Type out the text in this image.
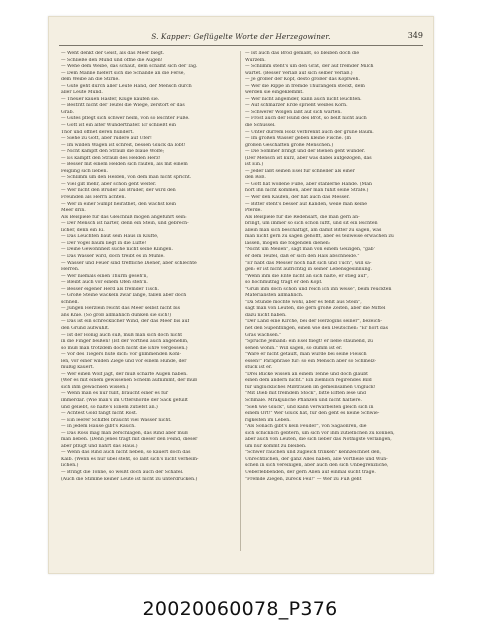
S. Kapper: Geflügelte Worte der Herzegowiner.	349
— Weht denkt der Geist, als das Meer biegt.
— Schließe den Mund und öffne die Augen!
— Wehe dem Weibe, das schaut, dem schämt sich der Tag.
— Dem Manne hiefert sich die Schande an die Ferse,
dem Weibe an die Stirne.
— Gute geht durch aller Leute Hand, der Mensch durch
aller Leute Mund.
— Theuer kauen Häsfer, Kluge kaufen sie.
— Bestritt nicht der Teufel die Wiege, zerstört er das
Grab.
— Gutes pflegt sich schwer heim, von so leichter Füße.
— Gott ist ein alter Wunderthäter. Er schließt ein
Thor und öffnet deren hundert.
— Siehe zu Gott, aber rudere auf Ufer!
— Im wilden Wagen ist schreit, bessen Glück da lobt!
— Nicht kämpft den Strauß die blaue Wolfe;
— Es kämpft den Strauß des Helden Herz!
— Besser mit einem Helden sich raufen, als mit einem
Feigling sich lieben.
— Schlimm um den Helden, von dem man nicht spricht.
— Viel gilt mehr, aber schön geht weiter.
— Wer nicht den Bruder als Bruder, der wird den
Freunden als Herrn achten.
— Wer in einer Sumpf heirathet, den wächst kein
Meer drin.
Als Beispiele für das Gleichniß mögen angeführt sein:
— Der Mensch ist härter, denn ein Stein, und gebrech-
licher, denn ein Ei.
— Das Leuchten baut sein Haus in Klüfte,
— Der Vögel baum liegt in die Lüfte!
— Deine Gewohnheit suche nicht seine Klingen.
— Das Wasser wird, doch treibt es in Mühle.
— Wasser und Feuer sind treffliche Diener, aber schlechte
Herren.
— Wer niemals einen Thurm geseh'n,
— Bleibt auch vor einem Ofen steh'n.
— Besser eigener Herd als fremder Tisch.
— Große Steine wackeln zwar lange, fallen aber doch
schnell.
— Jungen Herzlein reicht das Meer selbst nicht bis
ans Knie. (So groß allmählich dünken sie sich!)
— Das ist ein schrecklicher Wind, der das Meer bis auf
den Grund aufwühlt.
— Ist der Honig auch süß, muß man sich doch nicht
in die Finger beißen! (Ist der Vortheil auch angenehm,
so muß man trotzdem doch nicht die Ehre vergessen.)
— Vor des Tiegers hüte dich: vor glimmenden Kohl-
len, vor einer wilden Ziege und vor einem Hunde, der
müßig kauert.
— Wer einen Wolf jagt, der muß scharfe Augen haben.
(Wer es mit einem gewissenen Schelm aufnimmt, der muß
sich ihm gewachsen wissen.)
— Wenn man es nur füllt, braucht einer es für
immerdar. (Wie man's im Uttershorde der Sack gefüllt
und geliebt, so halte's Einem zutiefst an.)
— Achtest Gold fängt nicht Rost.
— Ein leerer Schiffel braucht viel Wasser nicht.
— In jedem Hause gibt's Rauch.
— Das Ross mag man zerschlagen, das Rind aber muß
man lieben. (Denn jenes trägt mit dieser den Feind, dieser
aber pflügt und nährt das Haus.)
— Wenn das Rind auch nicht neben, so kauert doch das
Kalb. (Wenn es nur übel steht, so läßt sich's nicht verheim-
lichen.)
— Bringt die Tonne, so weißt doch auch der Schäfel.
(Auch die Stimme keiner Leute ist nicht zu unterdrücken.)
— Ist auch das Brod gemäßt, so bleiben doch die
Wurzeln.
— Schlimm steht's um den Grat, der auf fremder Milch
wartet. (Besser Verlaß auf sich selber Verlaß.)
— Je größer der Kopf, desto größer das Kopfweh.
— Wer die Rippe in fremde Thürangeln steckt, dem
werden sie eingeklemmt.
— Wer nicht angelnder, kann auch nicht leuchten.
— Auf schmarzer Erde sprießt weißes Korn.
— Schwerer Wolgen läßt auf sich warten.
— Fröst auch der Hund des Brot, so bellt nicht auch
die Schüssel.
— Unter dürrem Holz verbrennt auch der grüne Baum.
— Im großen Wasser geben kleine Fische. (In
großen Geschäften große Menschen.)
— Die Sommer bringt und der Bienen geht wunder.
(Der Mensch ist kurz, aber was dabei aufgezogen, das
ist Ein.)
— Jeder läßt seinen Esel für schneller als einer
den Roß.
— Gott hat wollene Füße, aber stählerne Hände. (Man
hört ihn nicht kommen, aber man fühlt seine Strafe.)
— Wer den Kaufen, der hat auch das Messer.
— Bitter steht's besser auf Kanden, weile man keine
Pferde.
Als Beispiele für die Redensart, die man gern an-
bringt, um immer so sich schon lüftt, und sit ein leichten
allein man sich beschäftigt, am damit Bitter zu sagen, was
man nicht gern zu sagen gehofft, aber es teilweise erwachen zu
lassen, mögen die folgenden dienen:
"Nicht um Meilen", sagt man von einem Geizigen, "gäb'
er dem Teufel, daß er sich den Hals abschneide."
"Er habt das Messer noch hält sich und Tuch", will sa-
gen: er ist nicht aufrichtig in seiner Lebensgesinnung.
"Wenn ihm die Ente nicht an sich halte, er stieg auf",
so hochmüthig trägt er den Kopf.
"Grüß ihm doch schön und reich ich ihn weise", beim reuckten
Materialisten allmählich.
"Da Stunde möchte wohl, aber es fehlt aus Stein",
sagt man von Leuten, die gern große Zeiten, aber die Mittel
dazu nicht haben.
"Der Land eine Kirche, bei der Herzogins seiner", bezeich-
net den Supenflingen, einen wie den Deutschen: "Er hört das
Gras wachsen."
"Sprüche Jemand: ein Esel fliegt! er ließe staunend, zu
sehen wohin." Will sagen, so dumm ist er.
"Wäre er nicht getauft, man würde bei seine Fleisch
essen!" Paraphrase für: so ein Mensch aber so Schmelz-
stück ist er.
"Drei Blicke wissen an einem Tenne und doch glaubt
einen dem andern nicht." Ein ziemlich regirendes Bild
für unglückliches Mißtrauen im gemeinsamen Unglück!
"Mit Dieb mit fremdem Stock", bitte Elften lese und
Schmale. Mrakjuliche Pflanzen und nicht haltiere.
"Sieh wie Glück", und kann verwarbeiten gleich sich in
einem Ort!" Wer Glück hat, für den geht es keine Schwie-
rigkeiten im Leben.
"Als Sonach gibt's kein Feuder", von Sagaonren, die
sich schicklich gebtern, um sich vor ihm zutieflichen zu können,
aber auch von Leuten, die sich lieber das Nöthigste verlangen,
um nur kommt zu bleiben.
"Schwer rauchen und zugleich trinken" kennzeichnet den,
Unrechtlichen, der ganz Alles haben, alle Vortheile und Wün-
schen in sich vereinigen, aber auch den sich Unbegrenzliche,
Ueberlebbenden, der gern Allen auf einmal sucht trage.
"Fremde Ziegen, zureck Feil!" — Wer zu Fuß geht
20020060078_P376
